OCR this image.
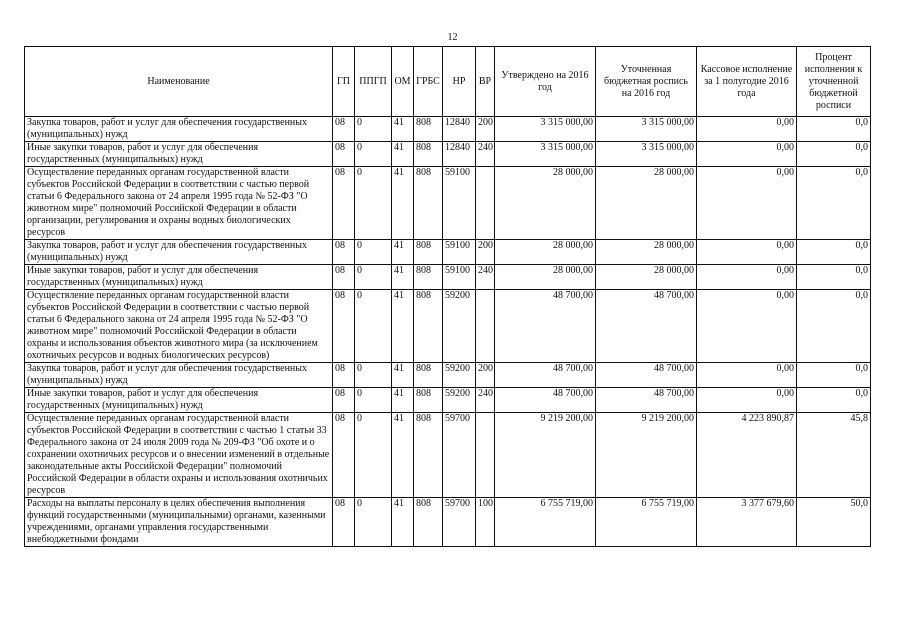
12
Наименование	ГП	ППГП	ОМ	ГРБС	НР	ВР	Утверждено на 2016 год	Уточненная бюджетная роспись на 2016 год	Кассовое исполнение за 1 полугодие 2016 года	Процент исполнения к уточненной бюджетной росписи
Закупка товаров, работ и услуг для обеспечения государственных (муниципальных) нужд	08	0	41	808	12840	200	3 315 000,00	3 315 000,00	0,00	0,0
Иные закупки товаров, работ и услуг для обеспечения государственных (муниципальных) нужд	08	0	41	808	12840	240	3 315 000,00	3 315 000,00	0,00	0,0
Осуществление переданных органам государственной власти субъектов Российской Федерации в соответствии с частью первой статьи 6 Федерального закона от 24 апреля 1995 года № 52-ФЗ "О животном мире" полномочий Российской Федерации в области организации, регулирования и охраны водных биологических ресурсов	08	0	41	808	59100		28 000,00	28 000,00	0,00	0,0
Закупка товаров, работ и услуг для обеспечения государственных (муниципальных) нужд	08	0	41	808	59100	200	28 000,00	28 000,00	0,00	0,0
Иные закупки товаров, работ и услуг для обеспечения государственных (муниципальных) нужд	08	0	41	808	59100	240	28 000,00	28 000,00	0,00	0,0
Осуществление переданных органам государственной власти субъектов Российской Федерации в соответствии с частью первой статьи 6 Федерального закона от 24 апреля 1995 года № 52-ФЗ "О животном мире" полномочий Российской Федерации в области охраны и использования объектов животного мира (за исключением охотничьих ресурсов и водных биологических ресурсов)	08	0	41	808	59200		48 700,00	48 700,00	0,00	0,0
Закупка товаров, работ и услуг для обеспечения государственных (муниципальных) нужд	08	0	41	808	59200	200	48 700,00	48 700,00	0,00	0,0
Иные закупки товаров, работ и услуг для обеспечения государственных (муниципальных) нужд	08	0	41	808	59200	240	48 700,00	48 700,00	0,00	0,0
Осуществление переданных органам государственной власти субъектов Российской Федерации в соответствии с частью 1 статьи 33 Федерального закона от 24 июля 2009 года № 209-ФЗ "Об охоте и о сохранении охотничьих ресурсов и о внесении изменений в отдельные законодательные акты Российской Федерации" полномочий Российской Федерации в области охраны и использования охотничьих ресурсов	08	0	41	808	59700		9 219 200,00	9 219 200,00	4 223 890,87	45,8
Расходы на выплаты персоналу в целях обеспечения выполнения функций государственными (муниципальными) органами, казенными учреждениями, органами управления государственными внебюджетными фондами	08	0	41	808	59700	100	6 755 719,00	6 755 719,00	3 377 679,60	50,0
